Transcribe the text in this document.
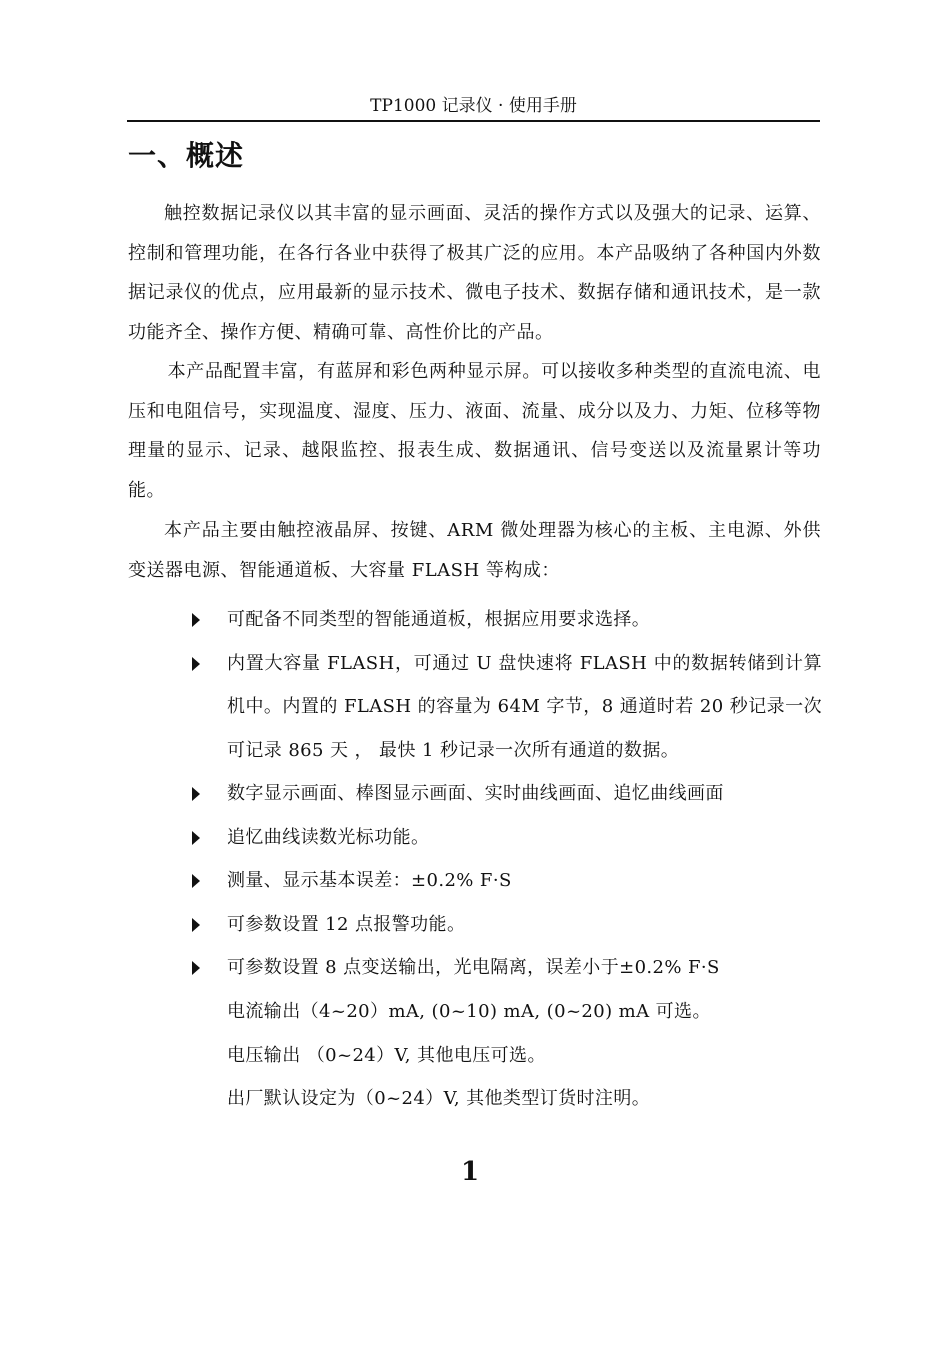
TP1000 记录仪 · 使用手册
一、概述

触控数据记录仪以其丰富的显示画面、灵活的操作方式以及强大的记录、运算、控制和管理功能，在各行各业中获得了极其广泛的应用。本产品吸纳了各种国内外数据记录仪的优点，应用最新的显示技术、微电子技术、数据存储和通讯技术，是一款功能齐全、操作方便、精确可靠、高性价比的产品。

本产品配置丰富，有蓝屏和彩色两种显示屏。可以接收多种类型的直流电流、电压和电阻信号，实现温度、湿度、压力、液面、流量、成分以及力、力矩、位移等物理量的显示、记录、越限监控、报表生成、数据通讯、信号变送以及流量累计等功能。

本产品主要由触控液晶屏、按键、ARM 微处理器为核心的主板、主电源、外供变送器电源、智能通道板、大容量 FLASH 等构成：

可配备不同类型的智能通道板，根据应用要求选择。
内置大容量 FLASH，可通过 U 盘快速将 FLASH 中的数据转储到计算机中。内置的 FLASH 的容量为 64M 字节，8 通道时若 20 秒记录一次可记录 865 天 ， 最快 1 秒记录一次所有通道的数据。
数字显示画面、棒图显示画面、实时曲线画面、追忆曲线画面
追忆曲线读数光标功能。
测量、显示基本误差：±0.2% F·S
可参数设置 12 点报警功能。
可参数设置 8 点变送输出，光电隔离，误差小于±0.2% F·S
电流输出（4~20）mA, (0~10) mA, (0~20) mA 可选。
电压输出 （0~24）V, 其他电压可选。
出厂默认设定为（0~24）V, 其他类型订货时注明。
1
